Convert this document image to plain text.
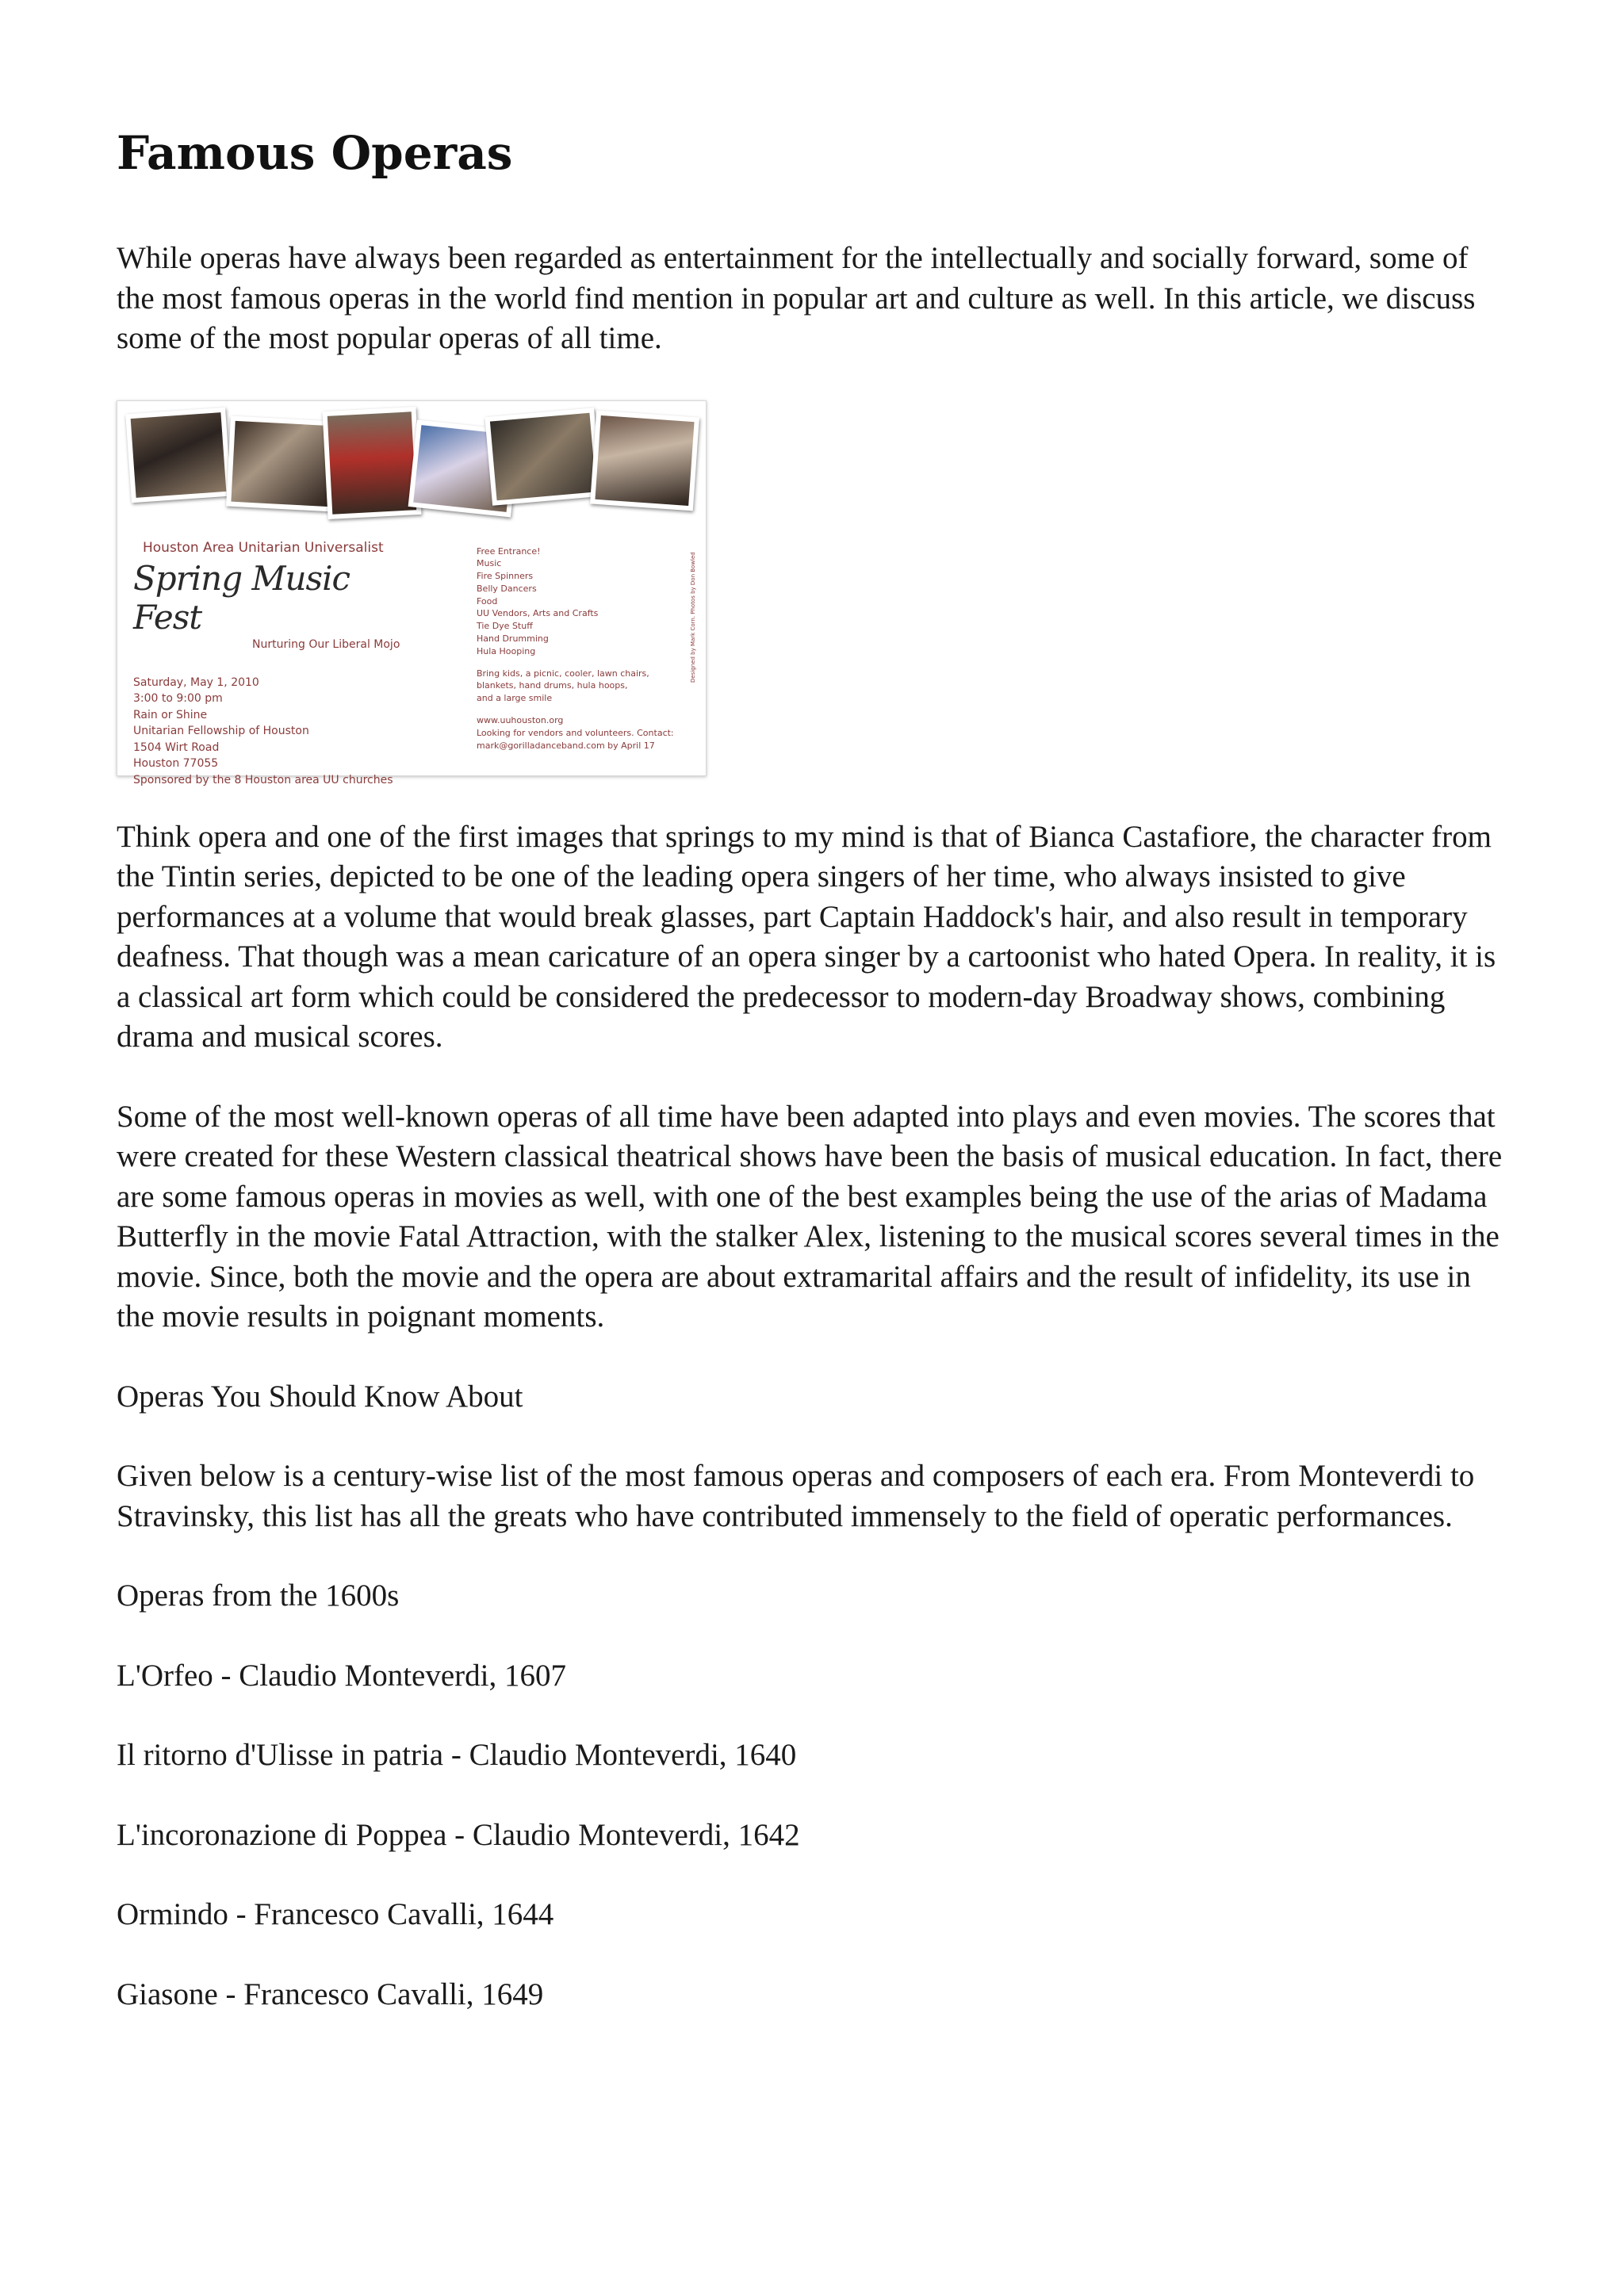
Famous Operas

While operas have always been regarded as entertainment for the intellectually and socially forward, some of the most famous operas in the world find mention in popular art and culture as well. In this article, we discuss some of the most popular operas of all time.

Houston Area Unitarian Universalist
Spring Music Fest
Nurturing Our Liberal Mojo
Saturday, May 1, 2010
3:00 to 9:00 pm
Rain or Shine
Unitarian Fellowship of Houston
1504 Wirt Road
Houston 77055
Sponsored by the 8 Houston area UU churches
Free Entrance!
Music
Fire Spinners
Belly Dancers
Food
UU Vendors, Arts and Crafts
Tie Dye Stuff
Hand Drumming
Hula Hooping
Bring kids, a picnic, cooler, lawn chairs,
blankets, hand drums, hula hoops,
and a large smile
www.uuhouston.org
Looking for vendors and volunteers. Contact:
mark@gorilladanceband.com by April 17
Designed by Mark Corn. Photos by Don Bowled

Think opera and one of the first images that springs to my mind is that of Bianca Castafiore, the character from the Tintin series, depicted to be one of the leading opera singers of her time, who always insisted to give performances at a volume that would break glasses, part Captain Haddock's hair, and also result in temporary deafness. That though was a mean caricature of an opera singer by a cartoonist who hated Opera. In reality, it is a classical art form which could be considered the predecessor to modern-day Broadway shows, combining drama and musical scores.

Some of the most well-known operas of all time have been adapted into plays and even movies. The scores that were created for these Western classical theatrical shows have been the basis of musical education. In fact, there are some famous operas in movies as well, with one of the best examples being the use of the arias of Madama Butterfly in the movie Fatal Attraction, with the stalker Alex, listening to the musical scores several times in the movie. Since, both the movie and the opera are about extramarital affairs and the result of infidelity, its use in the movie results in poignant moments.

Operas You Should Know About

Given below is a century-wise list of the most famous operas and composers of each era. From Monteverdi to Stravinsky, this list has all the greats who have contributed immensely to the field of operatic performances.

Operas from the 1600s

L'Orfeo - Claudio Monteverdi, 1607

Il ritorno d'Ulisse in patria - Claudio Monteverdi, 1640

L'incoronazione di Poppea - Claudio Monteverdi, 1642

Ormindo - Francesco Cavalli, 1644

Giasone - Francesco Cavalli, 1649
